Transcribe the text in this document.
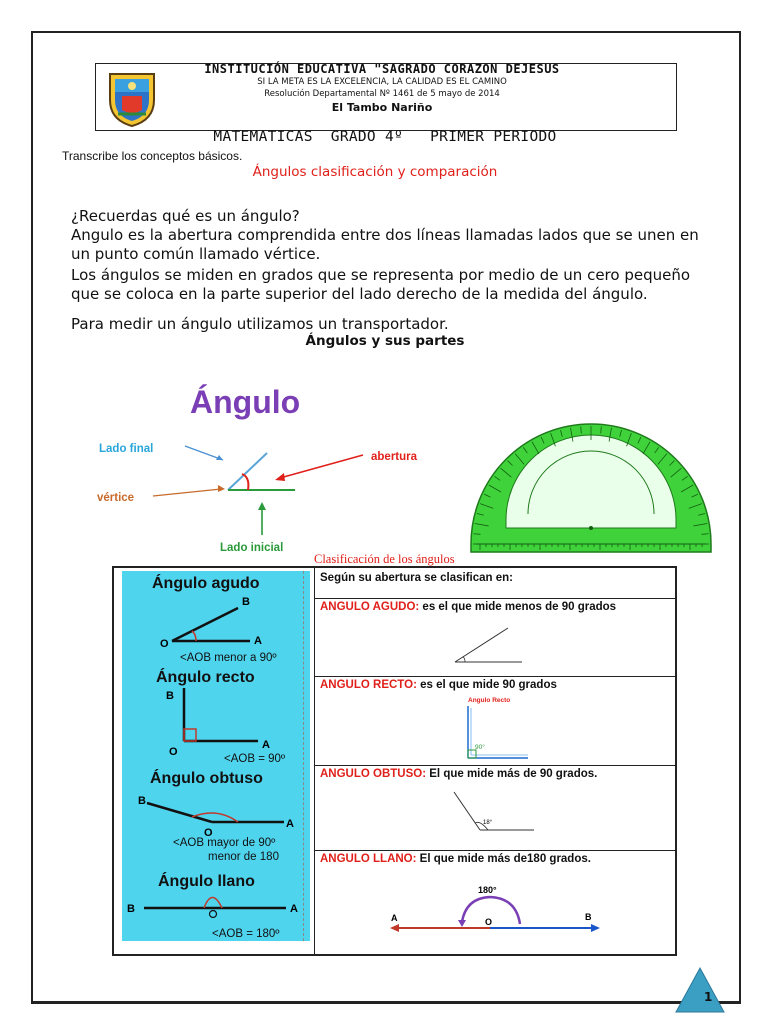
INSTITUCIÓN EDUCATIVA "SAGRADO CORAZON DEJESUS
SI LA META ES LA EXCELENCIA, LA CALIDAD ES EL CAMINO
Resolución Departamental Nº 1461 de 5 mayo de 2014
El Tambo Nariño
MATEMATICAS  GRADO 4º   PRIMER PERIODO
Transcribe los conceptos básicos.
Ángulos clasificación y comparación
¿Recuerdas qué es un ángulo?
Angulo es la abertura comprendida entre dos líneas llamadas lados que se unen en un punto común llamado vértice.
Los ángulos se miden en grados que se representa por medio de un cero pequeño que se coloca en la parte superior del lado derecho de la medida del ángulo.
Para medir un ángulo utilizamos un transportador.
Ángulos y sus partes
Ángulo
Lado final
abertura
vértice
Lado inicial
Clasificación de los ángulos
Ángulo agudo
<AOB menor a 90º
Ángulo recto
<AOB = 90º
Ángulo obtuso
<AOB mayor de 90º
menor de 180
Ángulo llano
<AOB = 180º
B
O	A
B
O
A
B
O
A
B	A
Según su abertura se clasifican en:
ANGULO AGUDO: es el que mide menos de 90 grados
ANGULO RECTO: es el que mide 90 grados
ANGULO OBTUSO: El que mide más de 90 grados.
ANGULO LLANO: El que mide más de180 grados.
Angulo Recto
90°
18°
180°
A	O	B
1
